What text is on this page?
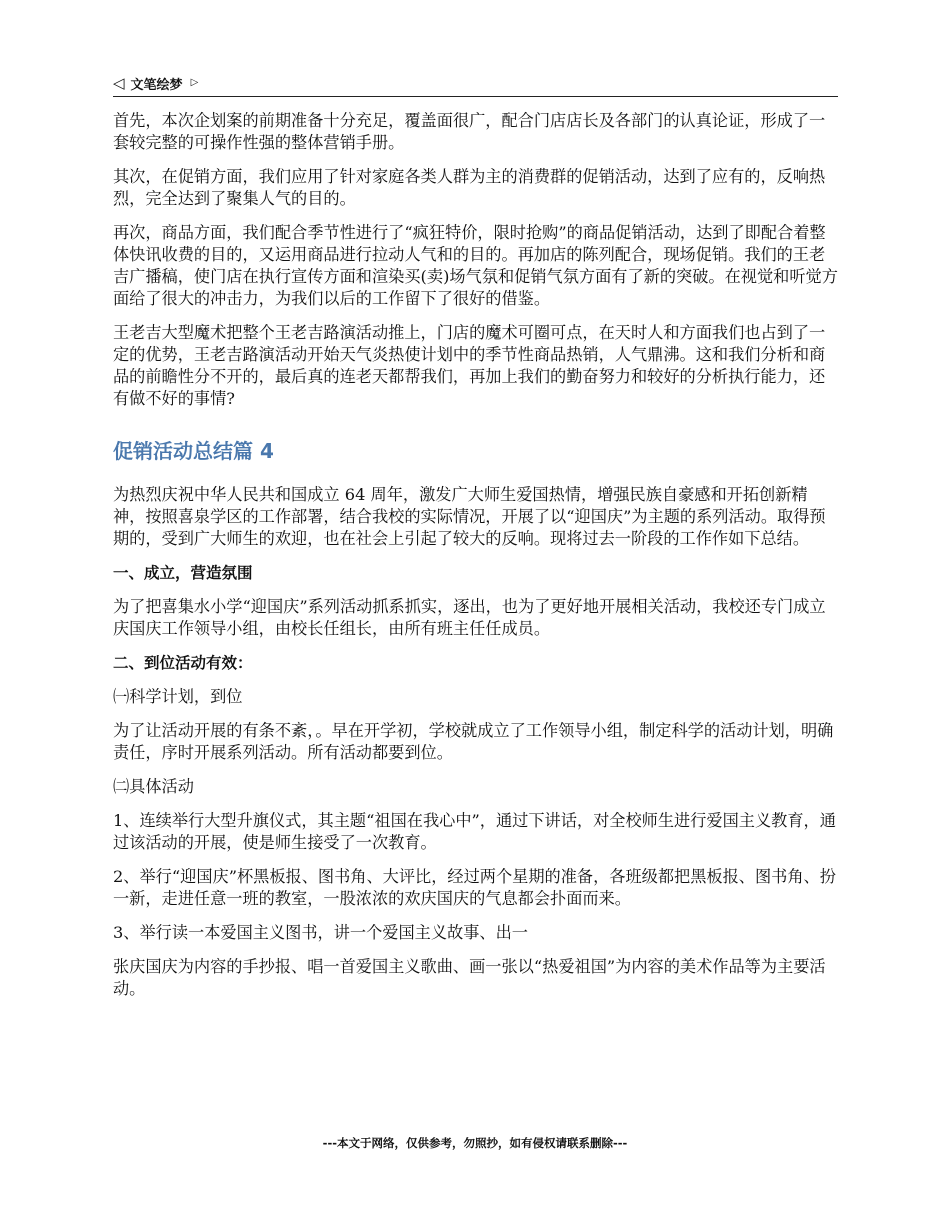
◁ 文笔绘梦 ▷

首先，本次企划案的前期准备十分充足，覆盖面很广，配合门店店长及各部门的认真论证，形成了一套较完整的可操作性强的整体营销手册。

其次，在促销方面，我们应用了针对家庭各类人群为主的消费群的促销活动，达到了应有的，反响热烈，完全达到了聚集人气的目的。

再次，商品方面，我们配合季节性进行了“疯狂特价，限时抢购”的商品促销活动，达到了即配合着整体快讯收费的目的，又运用商品进行拉动人气和的目的。再加店的陈列配合，现场促销。我们的王老吉广播稿，使门店在执行宣传方面和渲染买(卖)场气氛和促销气氛方面有了新的突破。在视觉和听觉方面给了很大的冲击力，为我们以后的工作留下了很好的借鉴。

王老吉大型魔术把整个王老吉路演活动推上，门店的魔术可圈可点，在天时人和方面我们也占到了一定的优势，王老吉路演活动开始天气炎热使计划中的季节性商品热销，人气鼎沸。这和我们分析和商品的前瞻性分不开的，最后真的连老天都帮我们，再加上我们的勤奋努力和较好的分析执行能力，还有做不好的事情?

促销活动总结篇 4

为热烈庆祝中华人民共和国成立 64 周年，激发广大师生爱国热情，增强民族自豪感和开拓创新精神，按照喜泉学区的工作部署，结合我校的实际情况，开展了以“迎国庆”为主题的系列活动。取得预期的，受到广大师生的欢迎，也在社会上引起了较大的反响。现将过去一阶段的工作作如下总结。

一、成立，营造氛围

为了把喜集水小学“迎国庆”系列活动抓系抓实，逐出，也为了更好地开展相关活动，我校还专门成立庆国庆工作领导小组，由校长任组长，由所有班主任任成员。

二、到位活动有效：

㈠科学计划，到位

为了让活动开展的有条不紊，。早在开学初，学校就成立了工作领导小组，制定科学的活动计划，明确责任，序时开展系列活动。所有活动都要到位。

㈡具体活动

1、连续举行大型升旗仪式，其主题“祖国在我心中”，通过下讲话，对全校师生进行爱国主义教育，通过该活动的开展，使是师生接受了一次教育。

2、举行“迎国庆”杯黑板报、图书角、大评比，经过两个星期的准备，各班级都把黑板报、图书角、扮一新，走进任意一班的教室，一股浓浓的欢庆国庆的气息都会扑面而来。

3、举行读一本爱国主义图书，讲一个爱国主义故事、出一

张庆国庆为内容的手抄报、唱一首爱国主义歌曲、画一张以“热爱祖国”为内容的美术作品等为主要活动。

---本文于网络，仅供参考，勿照抄，如有侵权请联系删除---
